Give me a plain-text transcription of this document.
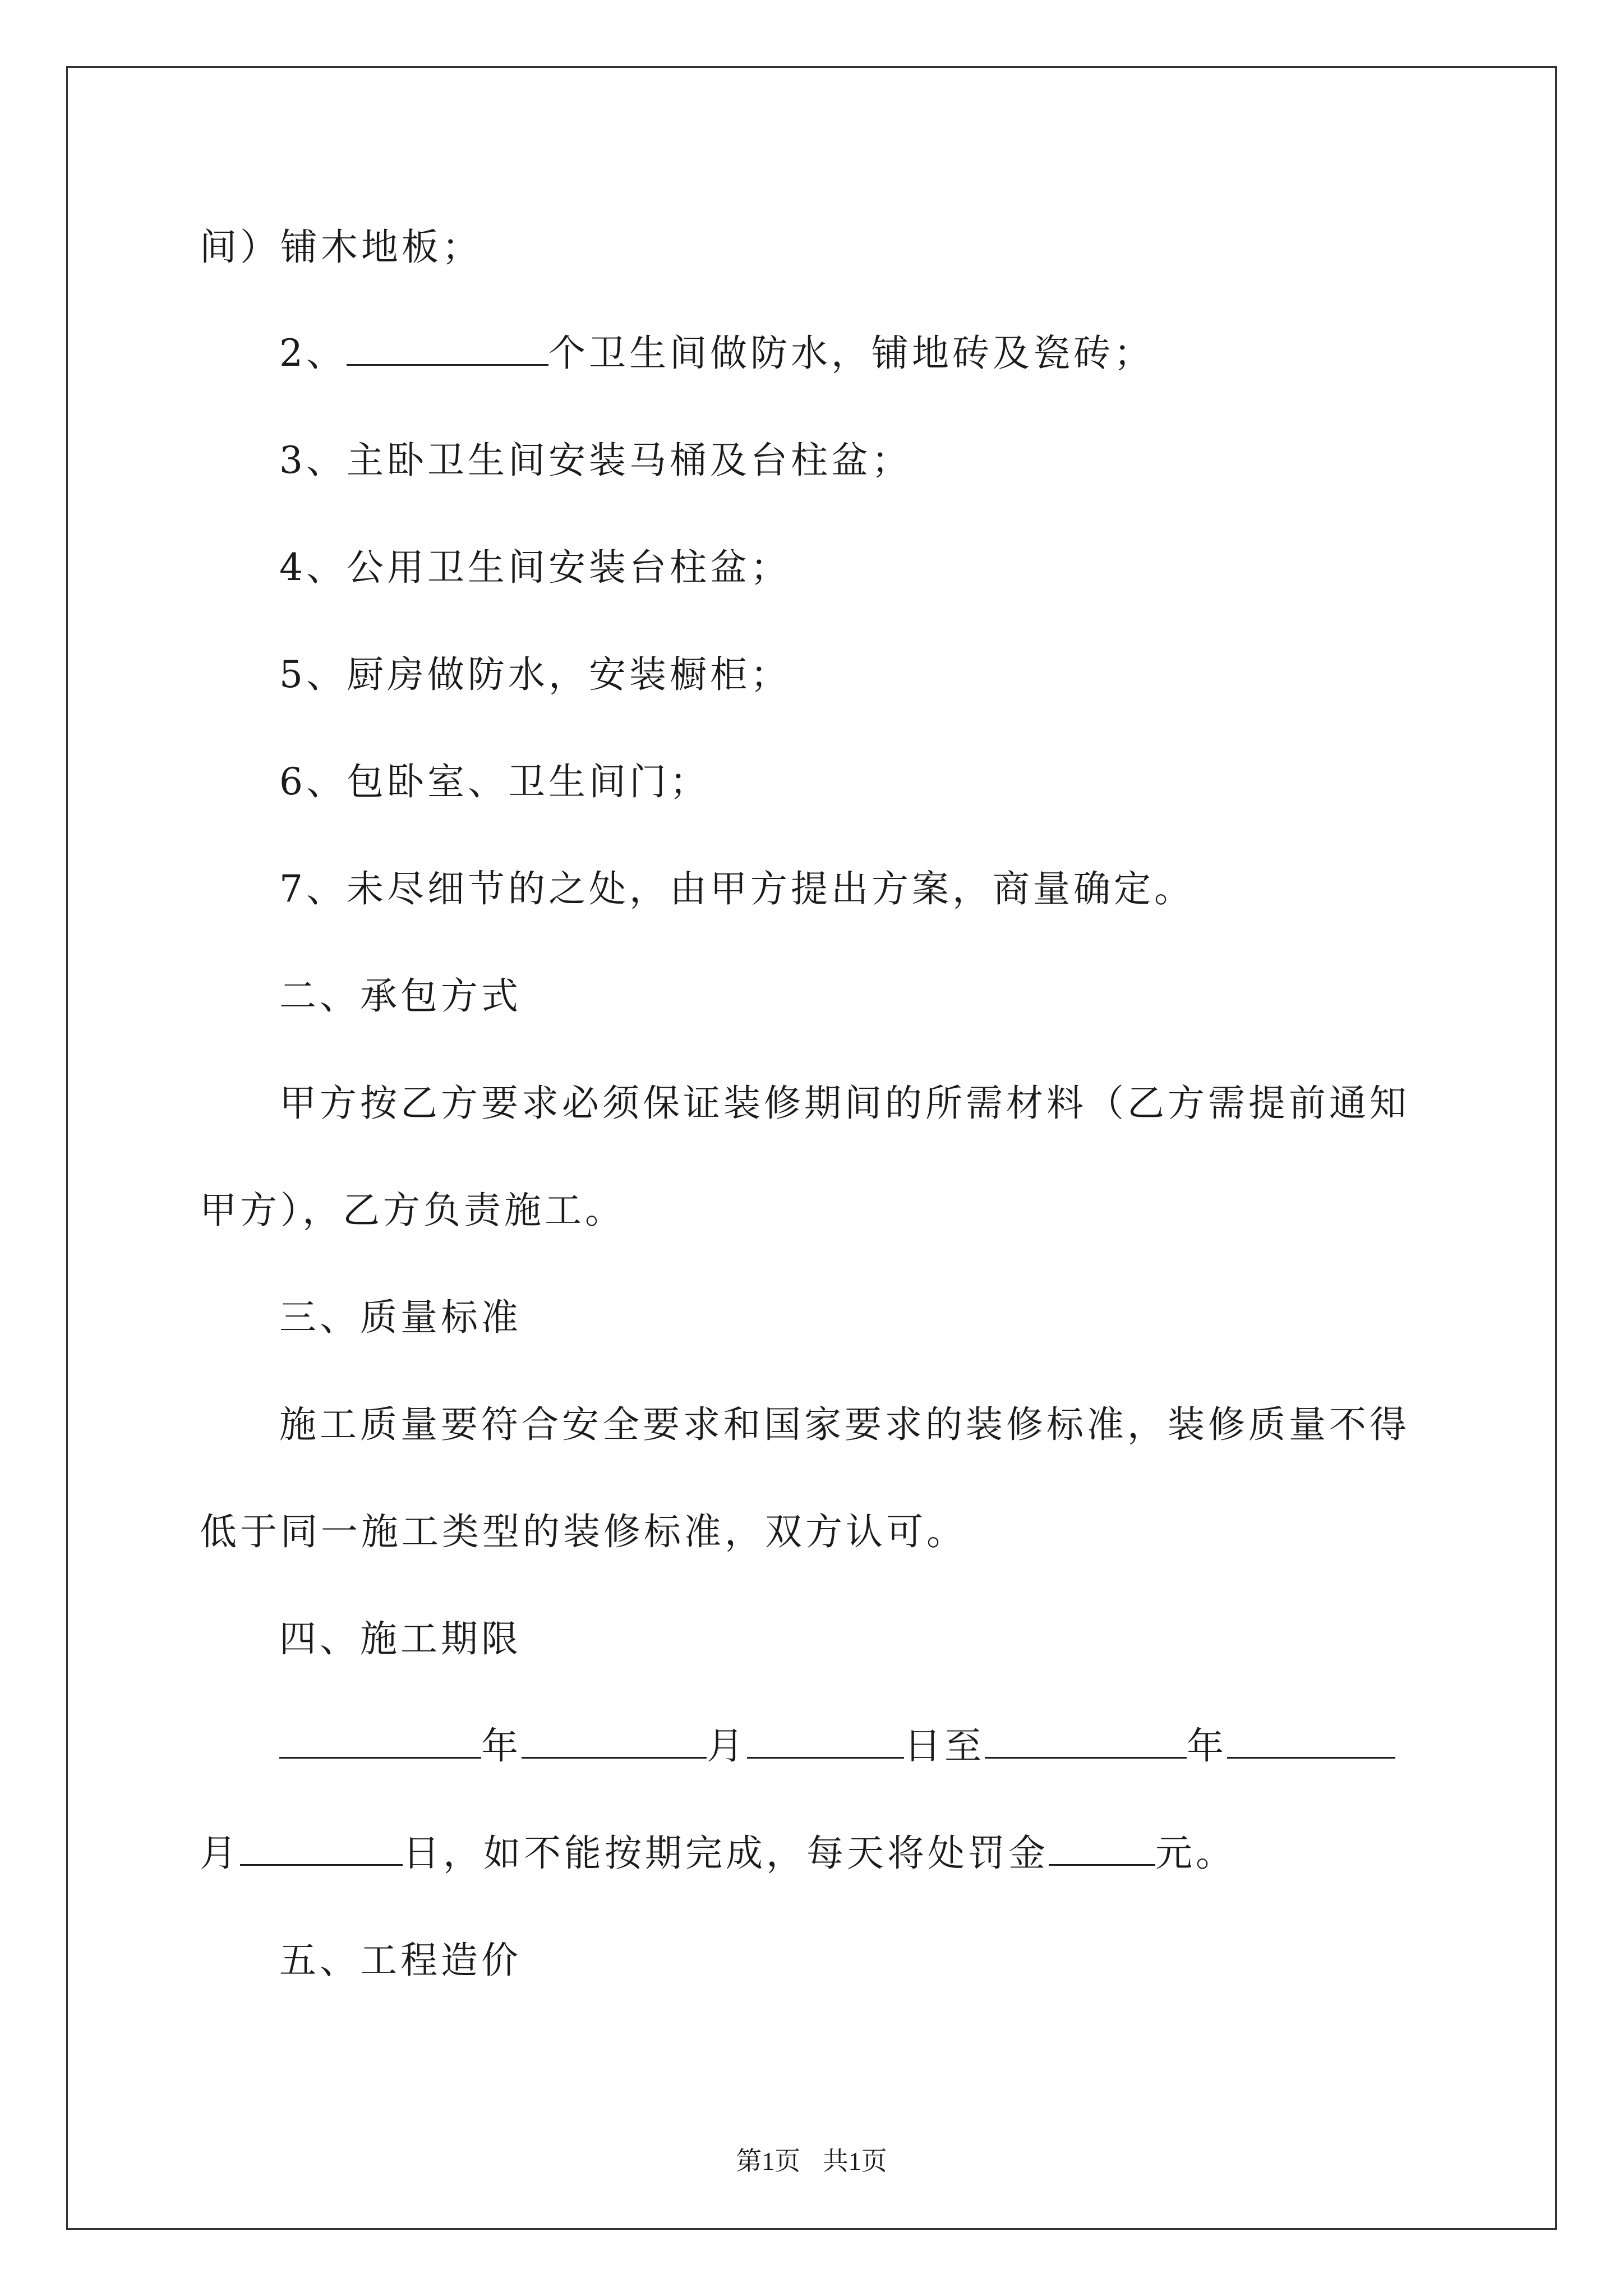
间）铺木地板；
2、	个卫生间做防水，铺地砖及瓷砖；
3、主卧卫生间安装马桶及台柱盆；
4、公用卫生间安装台柱盆；
5、厨房做防水，安装橱柜；
6、包卧室、卫生间门；
7、未尽细节的之处，由甲方提出方案，商量确定。
二、承包方式
甲方按乙方要求必须保证装修期间的所需材料（乙方需提前通知
甲方），乙方负责施工。
三、质量标准
施工质量要符合安全要求和国家要求的装修标准，装修质量不得
低于同一施工类型的装修标准，双方认可。
四、施工期限
年	月	日至	年
月	日，如不能按期完成，每天将处罚金	元。
五、工程造价
第1页 共1页
